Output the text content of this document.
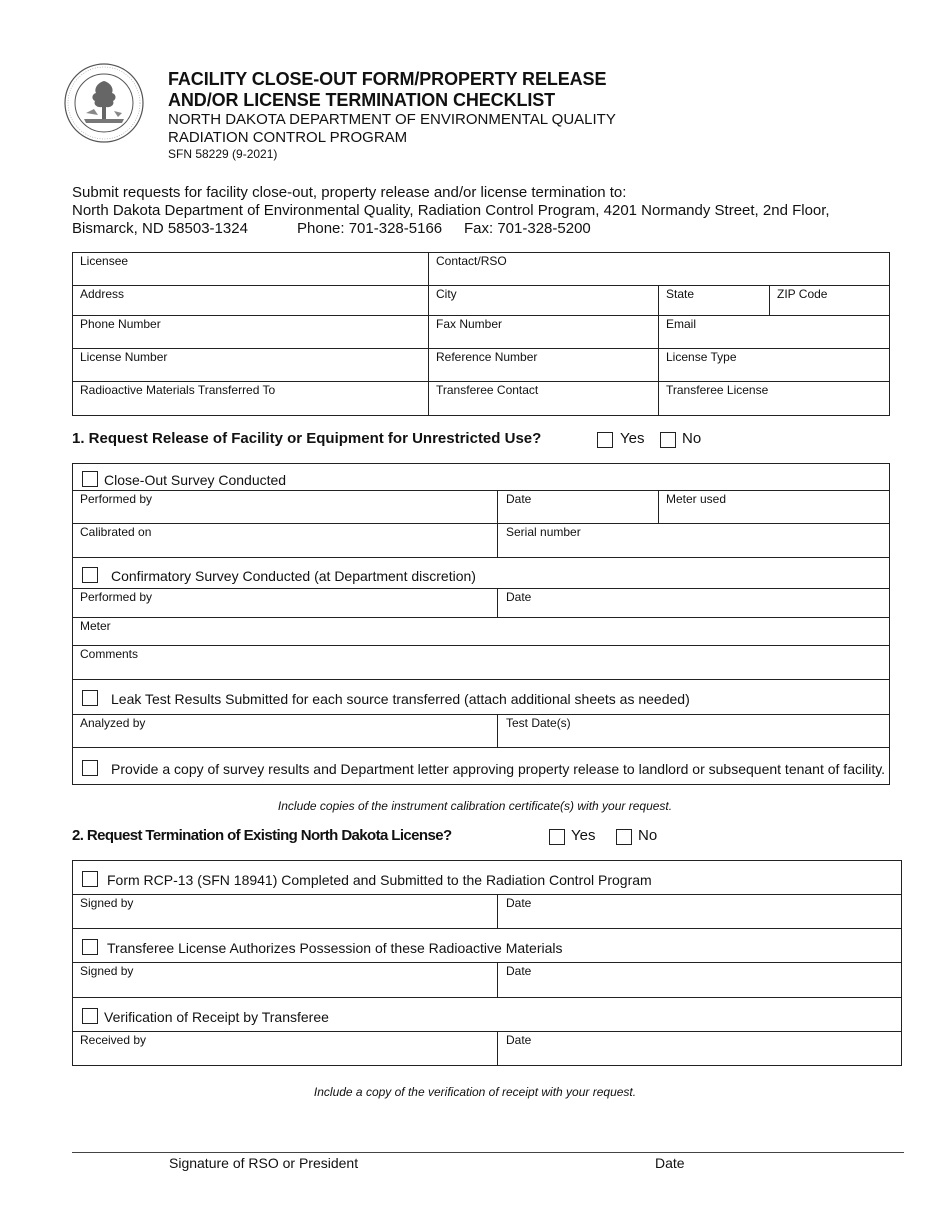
FACILITY CLOSE-OUT FORM/PROPERTY RELEASE
AND/OR LICENSE TERMINATION CHECKLIST
NORTH DAKOTA DEPARTMENT OF ENVIRONMENTAL QUALITY
RADIATION CONTROL PROGRAM
SFN 58229 (9-2021)
Submit requests for facility close-out, property release and/or license termination to:
North Dakota Department of Environmental Quality, Radiation Control Program, 4201 Normandy Street, 2nd Floor,
Bismarck, ND 58503-1324	Phone: 701-328-5166 Fax: 701-328-5200
Licensee	Contact/RSO
Address	City	State	ZIP Code
Phone Number	Fax Number	Email
License Number	Reference Number	License Type
Radioactive Materials Transferred To	Transferee Contact	Transferee License
1. Request Release of Facility or Equipment for Unrestricted Use?	Yes	No
Close-Out Survey Conducted
Performed by	Date	Meter used
Calibrated on	Serial number
Confirmatory Survey Conducted (at Department discretion)
Performed by	Date
Meter
Comments
Leak Test Results Submitted for each source transferred (attach additional sheets as needed)
Analyzed by	Test Date(s)
Provide a copy of survey results and Department letter approving property release to landlord or subsequent tenant of facility.
Include copies of the instrument calibration certificate(s) with your request.
2. Request Termination of Existing North Dakota License?	Yes	No
Form RCP-13 (SFN 18941) Completed and Submitted to the Radiation Control Program
Signed by	Date
Transferee License Authorizes Possession of these Radioactive Materials
Signed by	Date
Verification of Receipt by Transferee
Received by	Date
Include a copy of the verification of receipt with your request.
Signature of RSO or President	Date
